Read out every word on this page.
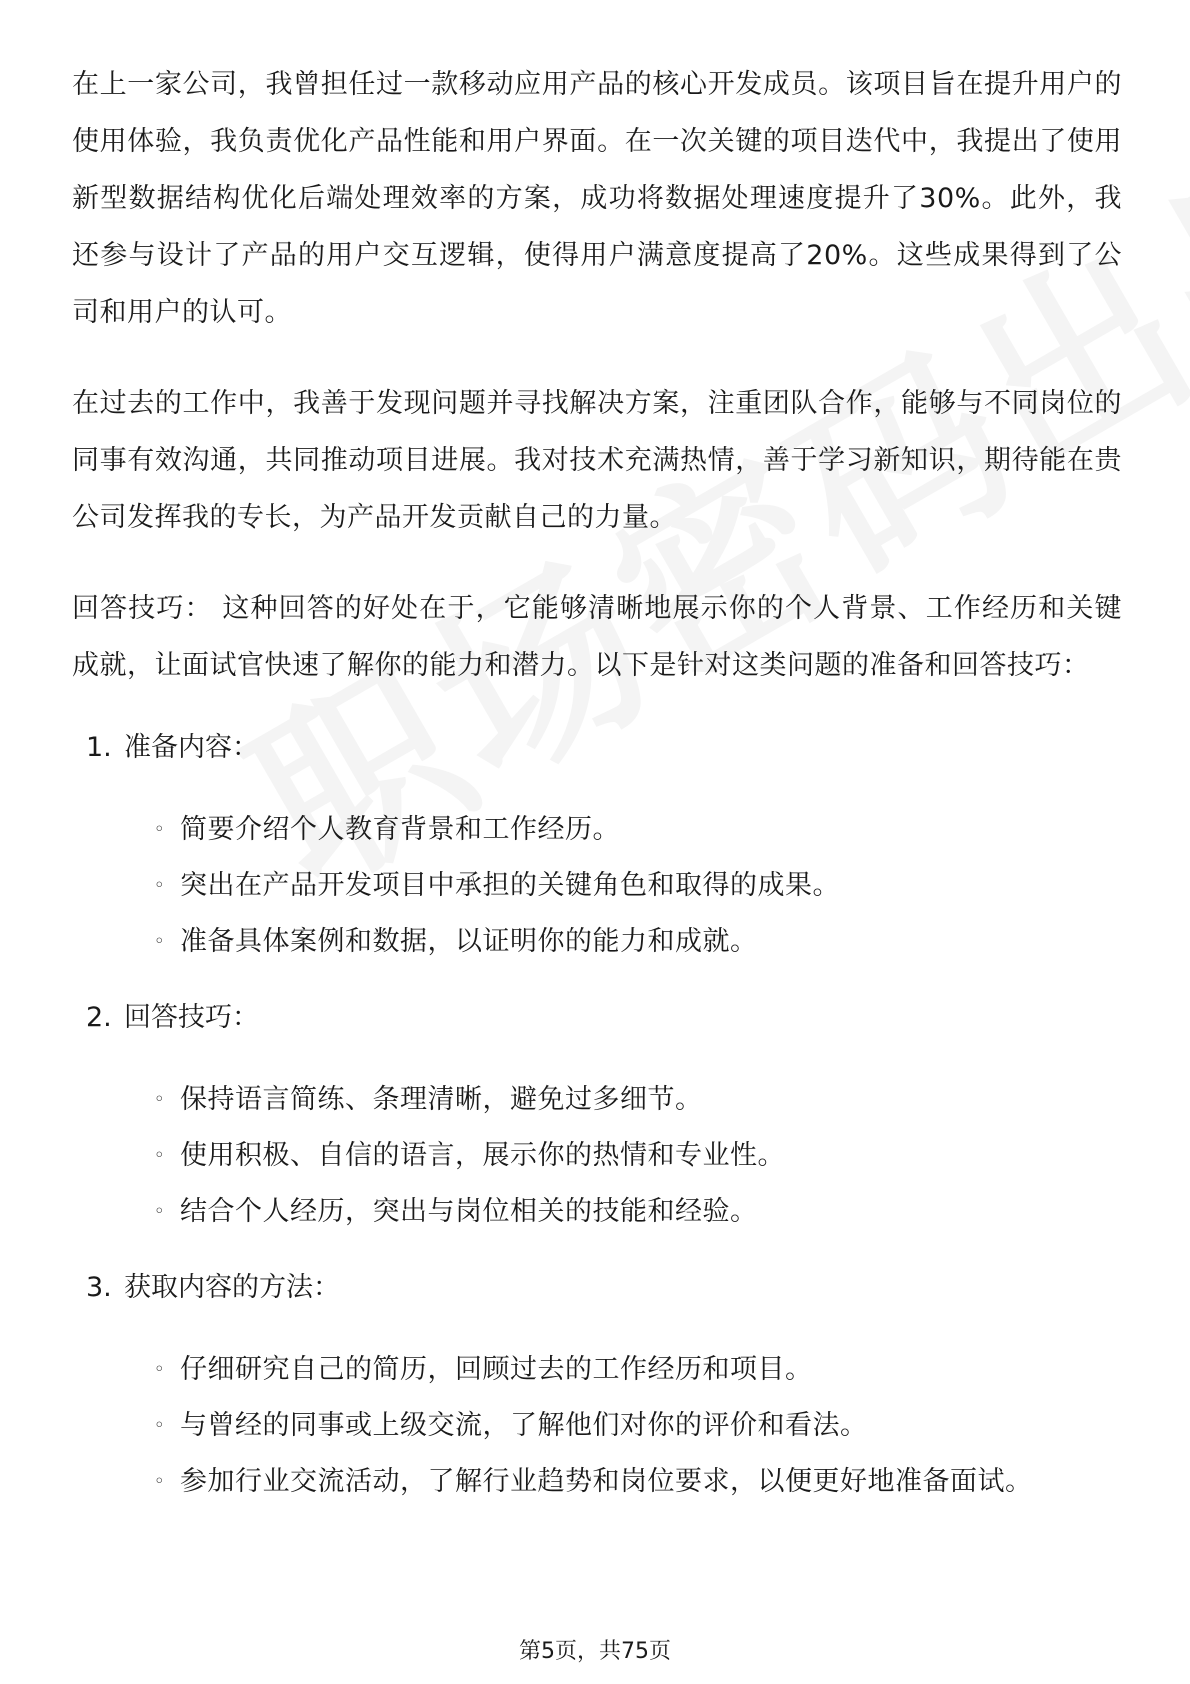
在上一家公司，我曾担任过一款移动应用产品的核心开发成员。该项目旨在提升用户的使用体验，我负责优化产品性能和用户界面。在一次关键的项目迭代中，我提出了使用新型数据结构优化后端处理效率的方案，成功将数据处理速度提升了30%。此外，我还参与设计了产品的用户交互逻辑，使得用户满意度提高了20%。这些成果得到了公司和用户的认可。

在过去的工作中，我善于发现问题并寻找解决方案，注重团队合作，能够与不同岗位的同事有效沟通，共同推动项目进展。我对技术充满热情，善于学习新知识，期待能在贵公司发挥我的专长，为产品开发贡献自己的力量。

回答技巧： 这种回答的好处在于，它能够清晰地展示你的个人背景、工作经历和关键成就，让面试官快速了解你的能力和潜力。以下是针对这类问题的准备和回答技巧：

1. 准备内容：
◦ 简要介绍个人教育背景和工作经历。
◦ 突出在产品开发项目中承担的关键角色和取得的成果。
◦ 准备具体案例和数据，以证明你的能力和成就。
2. 回答技巧：
◦ 保持语言简练、条理清晰，避免过多细节。
◦ 使用积极、自信的语言，展示你的热情和专业性。
◦ 结合个人经历，突出与岗位相关的技能和经验。
3. 获取内容的方法：
◦ 仔细研究自己的简历，回顾过去的工作经历和项目。
◦ 与曾经的同事或上级交流，了解他们对你的评价和看法。
◦ 参加行业交流活动，了解行业趋势和岗位要求，以便更好地准备面试。
第5页，共75页
